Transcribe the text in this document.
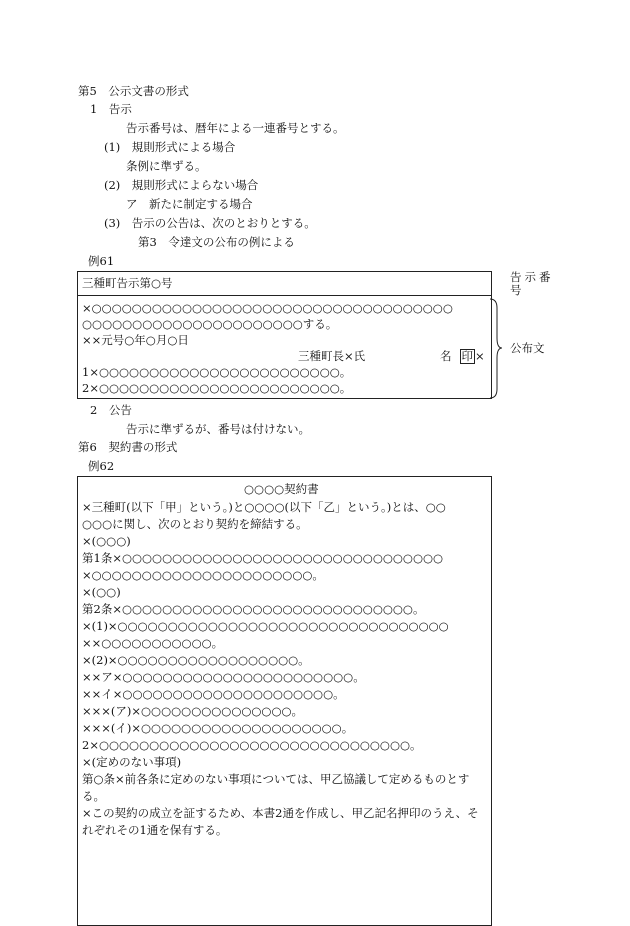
第5　公示文書の形式
1　告示
告示番号は、暦年による一連番号とする。
(1)　規則形式による場合
条例に準ずる。
(2)　規則形式によらない場合
ア　新たに制定する場合
(3)　告示の公告は、次のとおりとする。
第3　令達文の公布の例による
例61
三種町告示第○号
×○○○○○○○○○○○○○○○○○○○○○○○○○○○○○○○○○○○○
○○○○○○○○○○○○○○○○○○○○○○する。
××元号○年○月○日
三種町長×氏	名 印 ×
1×○○○○○○○○○○○○○○○○○○○○○○○○。
2×○○○○○○○○○○○○○○○○○○○○○○○○。
告示番
号
公布文
2　公告
告示に準ずるが、番号は付けない。
第6　契約書の形式
例62
○○○○契約書
×三種町(以下「甲」という。)と○○○○(以下「乙」という。)とは、○○
○○○に関し、次のとおり契約を締結する。
×(○○○)
第1条×○○○○○○○○○○○○○○○○○○○○○○○○○○○○○○○○
×○○○○○○○○○○○○○○○○○○○○○○。
×(○○)
第2条×○○○○○○○○○○○○○○○○○○○○○○○○○○○○○。
×(1)×○○○○○○○○○○○○○○○○○○○○○○○○○○○○○○○○○
××○○○○○○○○○○○。
×(2)×○○○○○○○○○○○○○○○○○○。
××ア×○○○○○○○○○○○○○○○○○○○○○○○。
××イ×○○○○○○○○○○○○○○○○○○○○○。
×××(ア)×○○○○○○○○○○○○○○○。
×××(イ)×○○○○○○○○○○○○○○○○○○○○。
2×○○○○○○○○○○○○○○○○○○○○○○○○○○○○○○○。
×(定めのない事項)
第○条×前各条に定めのない事項については、甲乙協議して定めるものとす
る。
×この契約の成立を証するため、本書2通を作成し、甲乙記名押印のうえ、そ
れぞれその1通を保有する。
